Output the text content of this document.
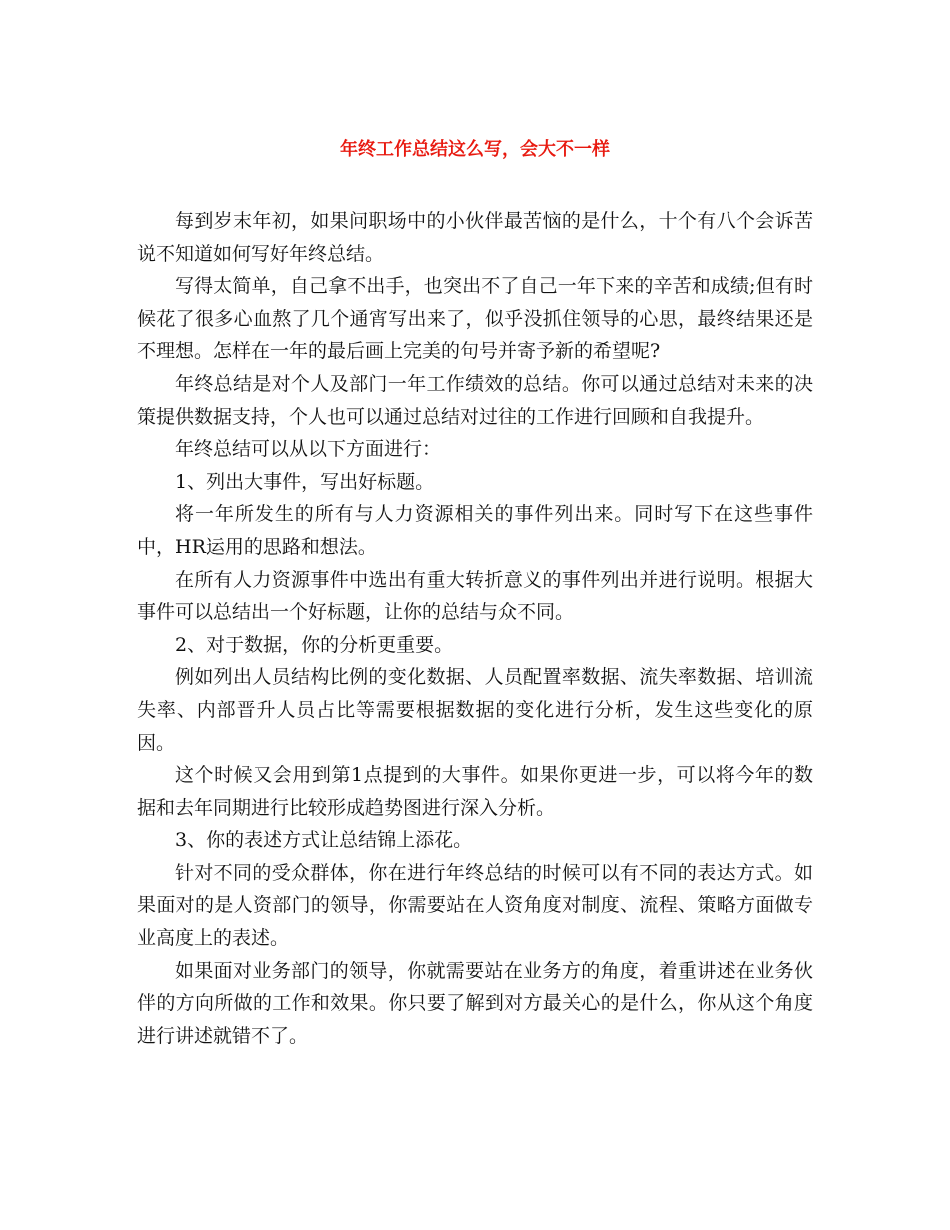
年终工作总结这么写，会大不一样

每到岁末年初，如果问职场中的小伙伴最苦恼的是什么，十个有八个会诉苦说不知道如何写好年终总结。

写得太简单，自己拿不出手，也突出不了自己一年下来的辛苦和成绩;但有时候花了很多心血熬了几个通宵写出来了，似乎没抓住领导的心思，最终结果还是不理想。怎样在一年的最后画上完美的句号并寄予新的希望呢?

年终总结是对个人及部门一年工作绩效的总结。你可以通过总结对未来的决策提供数据支持，个人也可以通过总结对过往的工作进行回顾和自我提升。

年终总结可以从以下方面进行：

1、列出大事件，写出好标题。

将一年所发生的所有与人力资源相关的事件列出来。同时写下在这些事件中，HR运用的思路和想法。

在所有人力资源事件中选出有重大转折意义的事件列出并进行说明。根据大事件可以总结出一个好标题，让你的总结与众不同。

2、对于数据，你的分析更重要。

例如列出人员结构比例的变化数据、人员配置率数据、流失率数据、培训流失率、内部晋升人员占比等需要根据数据的变化进行分析，发生这些变化的原因。

这个时候又会用到第1点提到的大事件。如果你更进一步，可以将今年的数据和去年同期进行比较形成趋势图进行深入分析。

3、你的表述方式让总结锦上添花。

针对不同的受众群体，你在进行年终总结的时候可以有不同的表达方式。如果面对的是人资部门的领导，你需要站在人资角度对制度、流程、策略方面做专业高度上的表述。

如果面对业务部门的领导，你就需要站在业务方的角度，着重讲述在业务伙伴的方向所做的工作和效果。你只要了解到对方最关心的是什么，你从这个角度进行讲述就错不了。
